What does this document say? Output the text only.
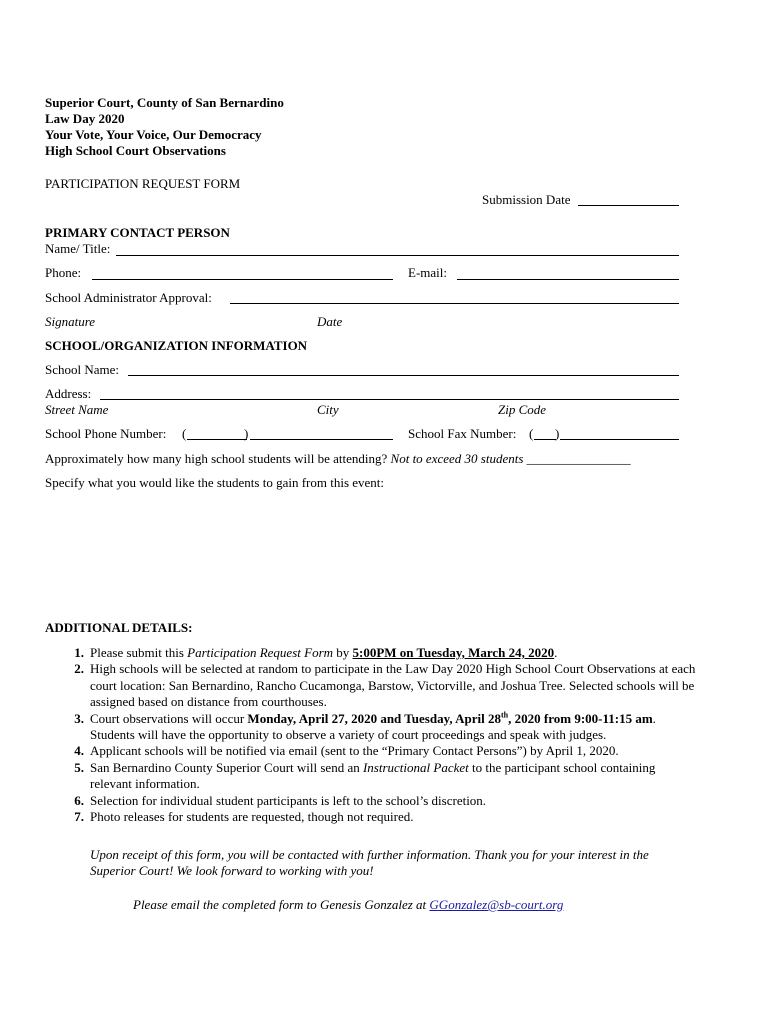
Superior Court, County of San Bernardino
Law Day 2020
Your Vote, Your Voice, Our Democracy
High School Court Observations
PARTICIPATION REQUEST FORM
Submission Date
PRIMARY CONTACT PERSON
Name/ Title:
Phone:	E-mail:
School Administrator Approval:
Signature	Date
SCHOOL/ORGANIZATION INFORMATION
School Name:
Address:
Street Name	City	Zip Code
School Phone Number: (	)	School Fax Number: ( )
Approximately how many high school students will be attending? Not to exceed 30 students ________________
Specify what you would like the students to gain from this event:
ADDITIONAL DETAILS:
1. Please submit this Participation Request Form by 5:00PM on Tuesday, March 24, 2020.
2. High schools will be selected at random to participate in the Law Day 2020 High School Court Observations at each court location: San Bernardino, Rancho Cucamonga, Barstow, Victorville, and Joshua Tree. Selected schools will be assigned based on distance from courthouses.
3. Court observations will occur Monday, April 27, 2020 and Tuesday, April 28th, 2020 from 9:00-11:15 am. Students will have the opportunity to observe a variety of court proceedings and speak with judges.
4. Applicant schools will be notified via email (sent to the “Primary Contact Persons”) by April 1, 2020.
5. San Bernardino County Superior Court will send an Instructional Packet to the participant school containing relevant information.
6. Selection for individual student participants is left to the school’s discretion.
7. Photo releases for students are requested, though not required.
Upon receipt of this form, you will be contacted with further information. Thank you for your interest in the Superior Court! We look forward to working with you!
Please email the completed form to Genesis Gonzalez at GGonzalez@sb-court.org
